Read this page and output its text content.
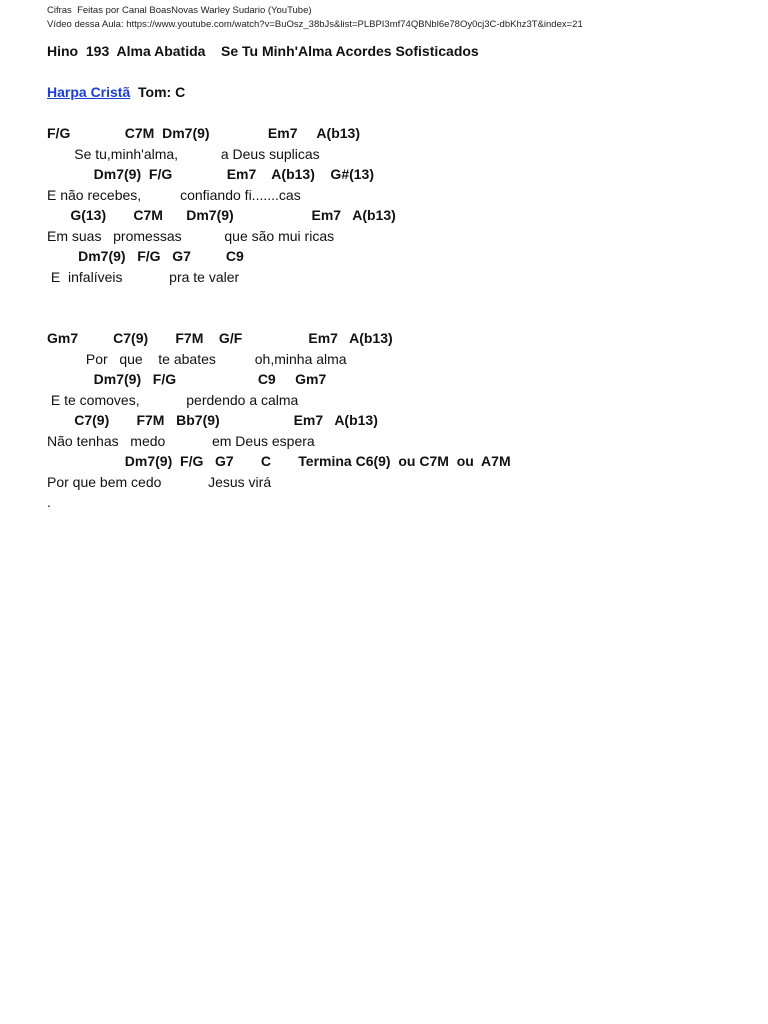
Cifras  Feitas por Canal BoasNovas Warley Sudario (YouTube)
Vídeo dessa Aula: https://www.youtube.com/watch?v=BuOsz_38bJs&list=PLBPI3mf74QBNbl6e78Oy0cj3C-dbKhz3T&index=21
Hino  193  Alma Abatida    Se Tu Minh'Alma Acordes Sofisticados
Harpa Cristã  Tom: C
F/G              C7M  Dm7(9)               Em7     A(b13)
Se tu,minh'alma,           a Deus suplicas
Dm7(9)  F/G              Em7    A(b13)    G#(13)
E não recebes,          confiando fi.......cas
G(13)       C7M      Dm7(9)                    Em7   A(b13)
Em suas   promessas           que são mui ricas
Dm7(9)   F/G   G7         C9
E  infalíveis            pra te valer
Gm7         C7(9)       F7M    G/F                 Em7   A(b13)
Por   que    te abates          oh,minha alma
Dm7(9)   F/G                     C9     Gm7
E te comoves,            perdendo a calma
C7(9)       F7M   Bb7(9)                   Em7   A(b13)
Não tenhas   medo            em Deus espera
Dm7(9)  F/G   G7       C       Termina C6(9)  ou C7M  ou  A7M
Por que bem cedo            Jesus virá
.
